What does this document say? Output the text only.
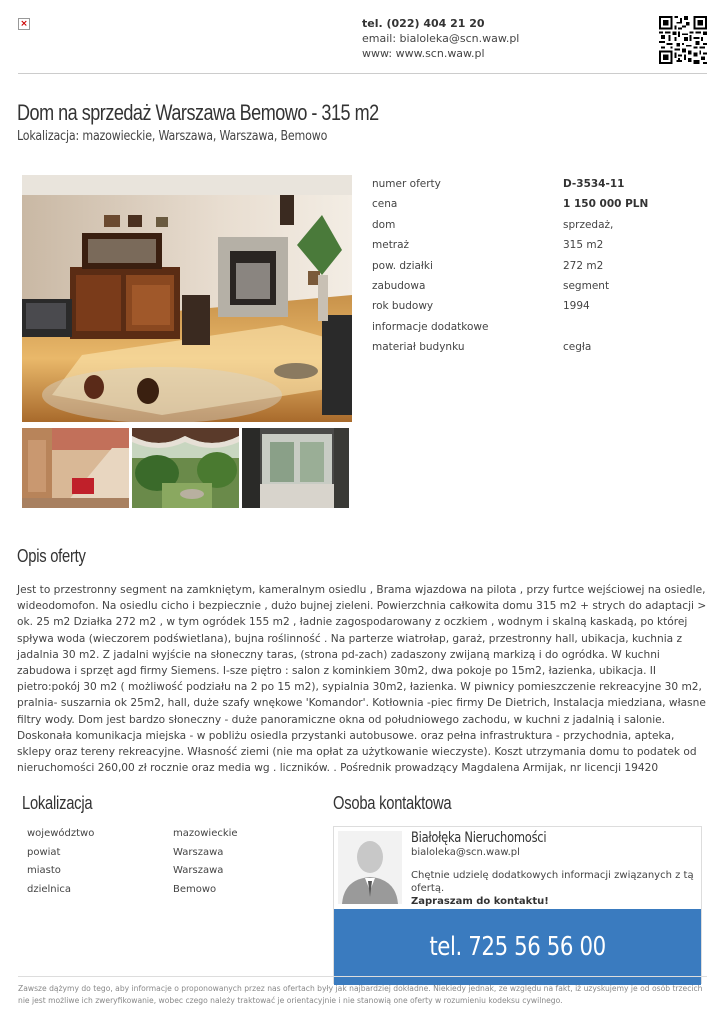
×	tel. (022) 404 21 20
email: bialoleka@scn.waw.pl
www: www.scn.waw.pl
Dom na sprzedaż Warszawa Bemowo - 315 m2
Lokalizacja: mazowieckie, Warszawa, Warszawa, Bemowo
numer oferty	D-3534-11
cena	1 150 000 PLN
dom	sprzedaż,
metraż	315 m2
pow. działki	272 m2
zabudowa	segment
rok budowy	1994
informacje dodatkowe
materiał budynku	cegła
Opis oferty
Jest to przestronny segment na zamkniętym, kameralnym osiedlu , Brama wjazdowa na pilota , przy furtce wejściowej na osiedle, wideodomofon. Na osiedlu cicho i bezpiecznie , dużo bujnej zieleni. Powierzchnia całkowita domu 315 m2 + strych do adaptacji > ok. 25 m2 Działka 272 m2 , w tym ogródek 155 m2 , ładnie zagospodarowany z oczkiem , wodnym i skalną kaskadą, po której spływa woda (wieczorem podświetlana), bujna roślinność . Na parterze wiatrołap, garaż, przestronny hall, ubikacja, kuchnia z jadalnia 30 m2. Z jadalni wyjście na słoneczny taras, (strona pd-zach) zadaszony zwijaną markizą i do ogródka. W kuchni zabudowa i sprzęt agd firmy Siemens. I-sze piętro : salon z kominkiem 30m2, dwa pokoje po 15m2, łazienka, ubikacja. II pietro:pokój 30 m2 ( możliwość podziału na 2 po 15 m2), sypialnia 30m2, łazienka. W piwnicy pomieszczenie rekreacyjne 30 m2, pralnia- suszarnia ok 25m2, hall, duże szafy wnękowe 'Komandor'. Kotłownia -piec firmy De Dietrich, Instalacja miedziana, własne filtry wody. Dom jest bardzo słoneczny - duże panoramiczne okna od południowego zachodu, w kuchni z jadalnią i salonie. Doskonała komunikacja miejska - w pobliżu osiedla przystanki autobusowe. oraz pełna infrastruktura - przychodnia, apteka, sklepy oraz tereny rekreacyjne. Własność ziemi (nie ma opłat za użytkowanie wieczyste). Koszt utrzymania domu to podatek od nieruchomości 260,00 zł rocznie oraz media wg . liczników. . Pośrednik prowadzący Magdalena Armijak, nr licencji 19420
Lokalizacja
województwo	mazowieckie
powiat	Warszawa
miasto	Warszawa
dzielnica	Bemowo
Osoba kontaktowa
Białołęka Nieruchomości
bialoleka@scn.waw.pl
Chętnie udzielę dodatkowych informacji związanych z tą ofertą.
Zapraszam do kontaktu!
tel. 725 56 56 00
Zawsze dążymy do tego, aby informacje o proponowanych przez nas ofertach były jak najbardziej dokładne. Niekiedy jednak, ze względu na fakt, iż uzyskujemy je od osób trzecich nie jest możliwe ich zweryfikowanie, wobec czego należy traktować je orientacyjnie i nie stanowią one oferty w rozumieniu kodeksu cywilnego.
